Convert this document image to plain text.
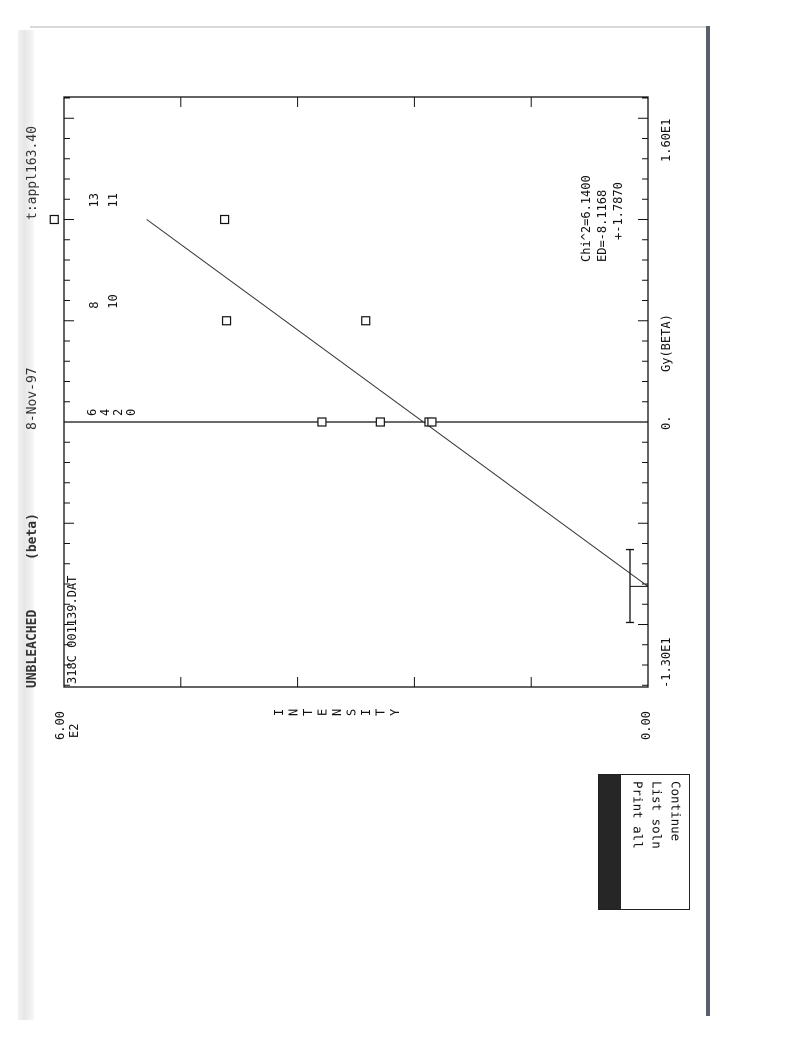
UNBLEACHED
(beta)
8-Nov-97
t:appl163.40
318C 001139.DAT
Chi^2=6.1400 ED=-8.1168 +-1.7870
0.00
6.00 E2
-1.30E1
0.
1.60E1
Gy(BETA)
I N T E N S I T Y
6 4 2 0
8 10
13 11
Print all List soln Continue
